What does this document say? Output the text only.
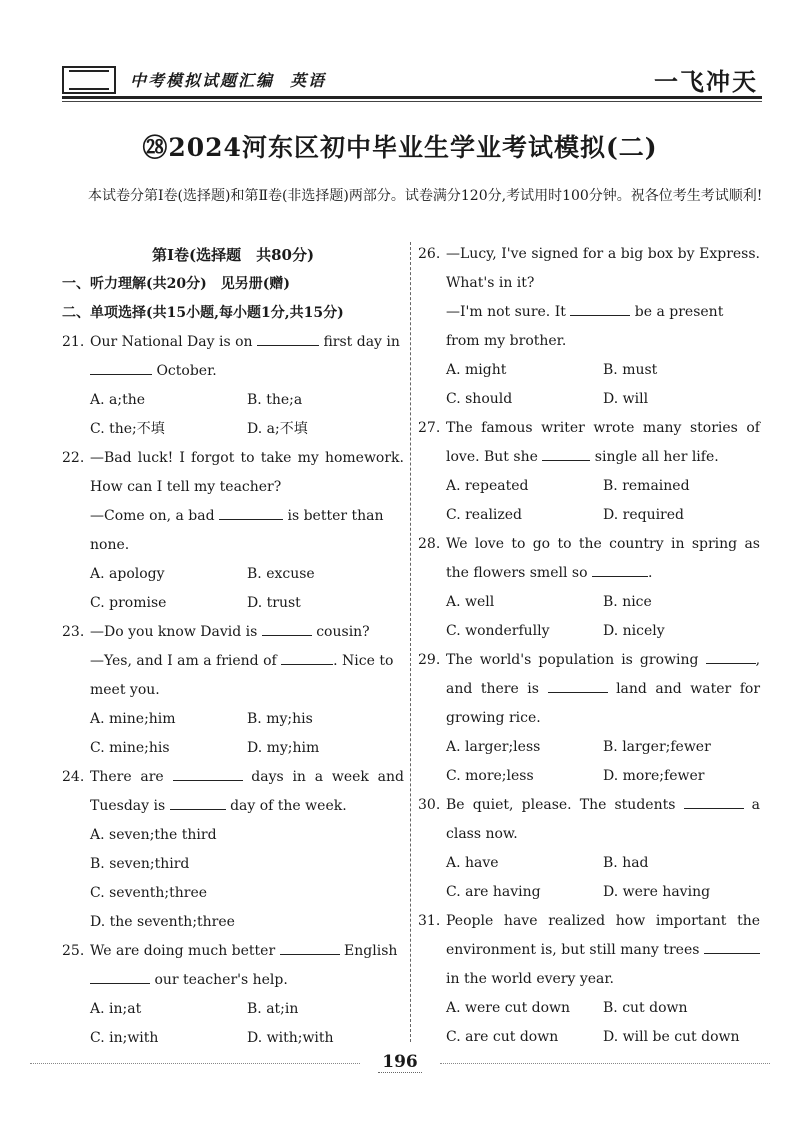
中考模拟试题汇编 英语	一飞冲天
㉘2024河东区初中毕业生学业考试模拟(二)

本试卷分第Ⅰ卷(选择题)和第Ⅱ卷(非选择题)两部分。试卷满分120分,考试用时100分钟。祝各位考生考试顺利!

第Ⅰ卷(选择题　共80分)
一、听力理解(共20分)　见另册(赠)
二、单项选择(共15小题,每小题1分,共15分)
21. Our National Day is on	first day in
October.
A. a;the	B. the;a
C. the;不填	D. a;不填
22. —Bad luck! I forgot to take my homework. How can I tell my teacher?
—Come on, a bad	is better than none.
A. apology	B. excuse
C. promise	D. trust
23. —Do you know David is	cousin?
—Yes, and I am a friend of	. Nice to meet you.
A. mine;him	B. my;his
C. mine;his	D. my;him
24. There are	days in a week and Tuesday is	day of the week.
A. seven;the third
B. seven;third
C. seventh;three
D. the seventh;three
25. We are doing much better	English
our teacher's help.
A. in;at	B. at;in
C. in;with	D. with;with
26. —Lucy, I've signed for a big box by Express. What's in it?
—I'm not sure. It	be a present from my brother.
A. might	B. must
C. should	D. will
27. The famous writer wrote many stories of love. But she	single all her life.
A. repeated	B. remained
C. realized	D. required
28. We love to go to the country in spring as the flowers smell so	.
A. well	B. nice
C. wonderfully	D. nicely
29. The world's population is growing	, and there is	land and water for growing rice.
A. larger;less	B. larger;fewer
C. more;less	D. more;fewer
30. Be quiet, please. The students	a class now.
A. have	B. had
C. are having	D. were having
31. People have realized how important the environment is, but still many trees  in the world every year.
A. were cut down	B. cut down
C. are cut down	D. will be cut down
196
